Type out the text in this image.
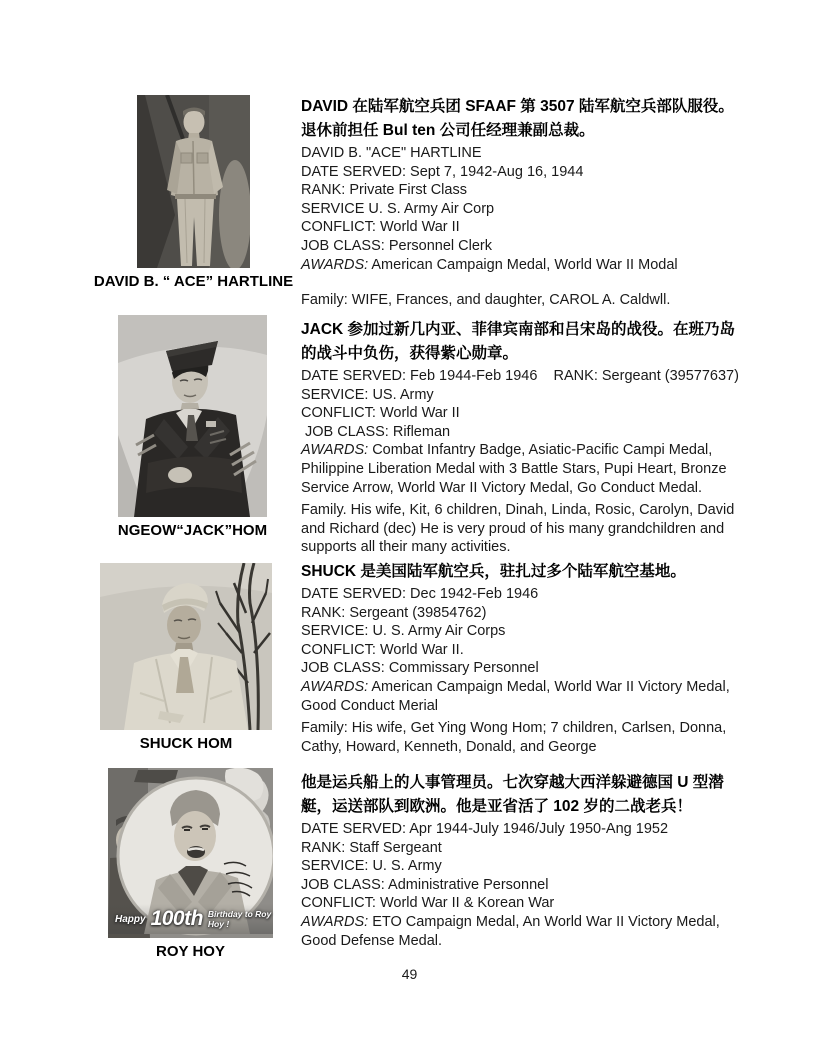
DAVID B. “ ACE” HARTLINE

DAVID 在陆军航空兵团 SFAAF 第 3507 陆军航空兵部队服役。退休前担任 Bul ten 公司任经理兼副总裁。

DAVID B. "ACE" HARTLINE
DATE SERVED: Sept 7, 1942-Aug 16, 1944
RANK: Private First Class
SERVICE U. S. Army Air Corp
CONFLICT: World War II
JOB CLASS: Personnel Clerk

AWARDS: American Campaign Medal, World War II Modal

Family: WIFE, Frances, and daughter, CAROL A. Caldwll.

NGEOW“JACK”HOM

JACK 参加过新几内亚、菲律宾南部和吕宋岛的战役。在班乃岛的战斗中负伤，获得紫心勋章。

DATE SERVED: Feb 1944-Feb 1946    RANK: Sergeant (39577637)
SERVICE: US. Army
CONFLICT: World War II
JOB CLASS: Rifleman

AWARDS: Combat Infantry Badge, Asiatic-Pacific Campi Medal, Philippine Liberation Medal with 3 Battle Stars, Pupi Heart, Bronze Service Arrow, World War II Victory Medal, Go Conduct Medal.

Family. His wife, Kit, 6 children, Dinah, Linda, Rosic, Carolyn, David and Richard (dec) He is very proud of his many grandchildren and supports all their many activities.

SHUCK HOM

SHUCK 是美国陆军航空兵，驻扎过多个陆军航空基地。

DATE SERVED: Dec 1942-Feb 1946
RANK: Sergeant (39854762)
SERVICE: U. S. Army Air Corps
CONFLICT: World War II.
JOB CLASS: Commissary Personnel

AWARDS: American Campaign Medal, World War II Victory Medal, Good Conduct Merial

Family: His wife, Get Ying Wong Hom; 7 children, Carlsen, Donna, Cathy, Howard, Kenneth, Donald, and George

Happy 100th Birthday to Roy Hoy !
ROY HOY

他是运兵船上的人事管理员。七次穿越大西洋躲避德国 U 型潜艇，运送部队到欧洲。他是亚省活了 102 岁的二战老兵！

DATE SERVED: Apr 1944-July 1946/July 1950-Ang 1952
RANK: Staff Sergeant
SERVICE: U. S. Army
JOB CLASS: Administrative Personnel
CONFLICT: World War II & Korean War

AWARDS: ETO Campaign Medal, An World War II Victory Medal, Good Defense Medal.

49
